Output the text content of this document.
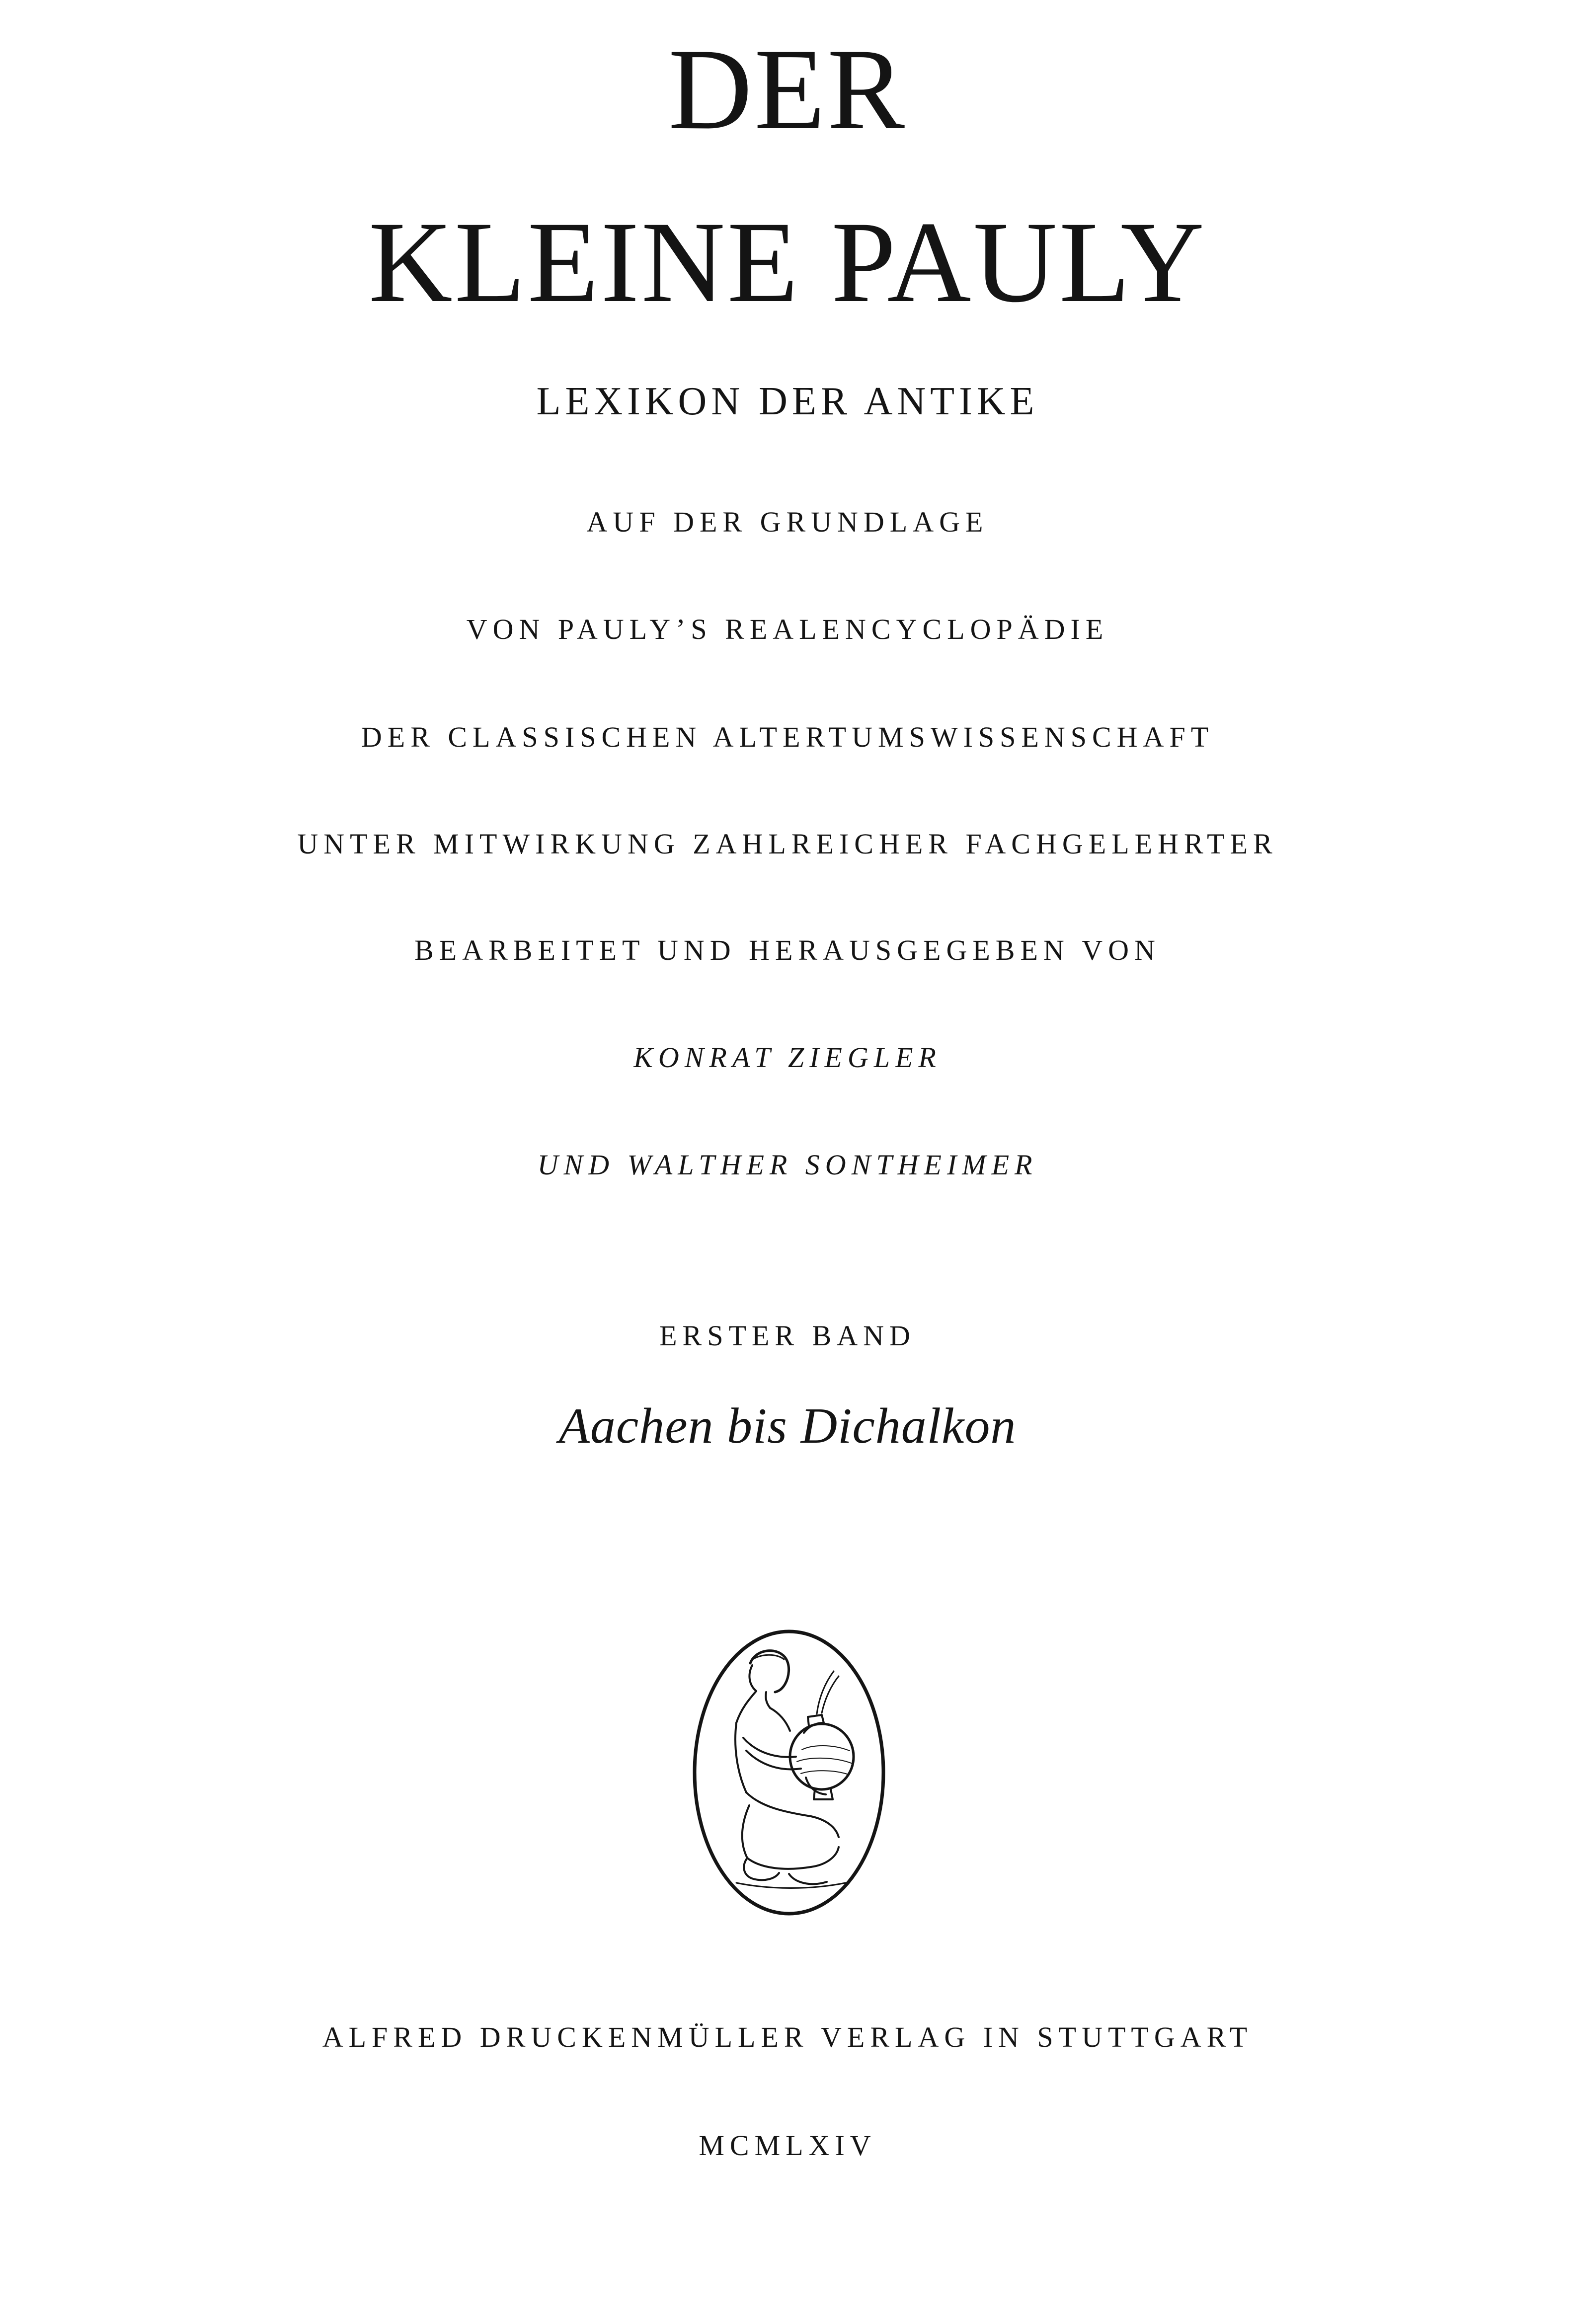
DER
KLEINE PAULY
LEXIKON DER ANTIKE
AUF DER GRUNDLAGE
VON PAULY’S REALENCYCLOPÄDIE
DER CLASSISCHEN ALTERTUMSWISSENSCHAFT
UNTER MITWIRKUNG ZAHLREICHER FACHGELEHRTER
BEARBEITET UND HERAUSGEGEBEN VON
KONRAT ZIEGLER
UND WALTHER SONTHEIMER
ERSTER BAND
Aachen bis Dichalkon
ALFRED DRUCKENMÜLLER VERLAG IN STUTTGART
MCMLXIV
